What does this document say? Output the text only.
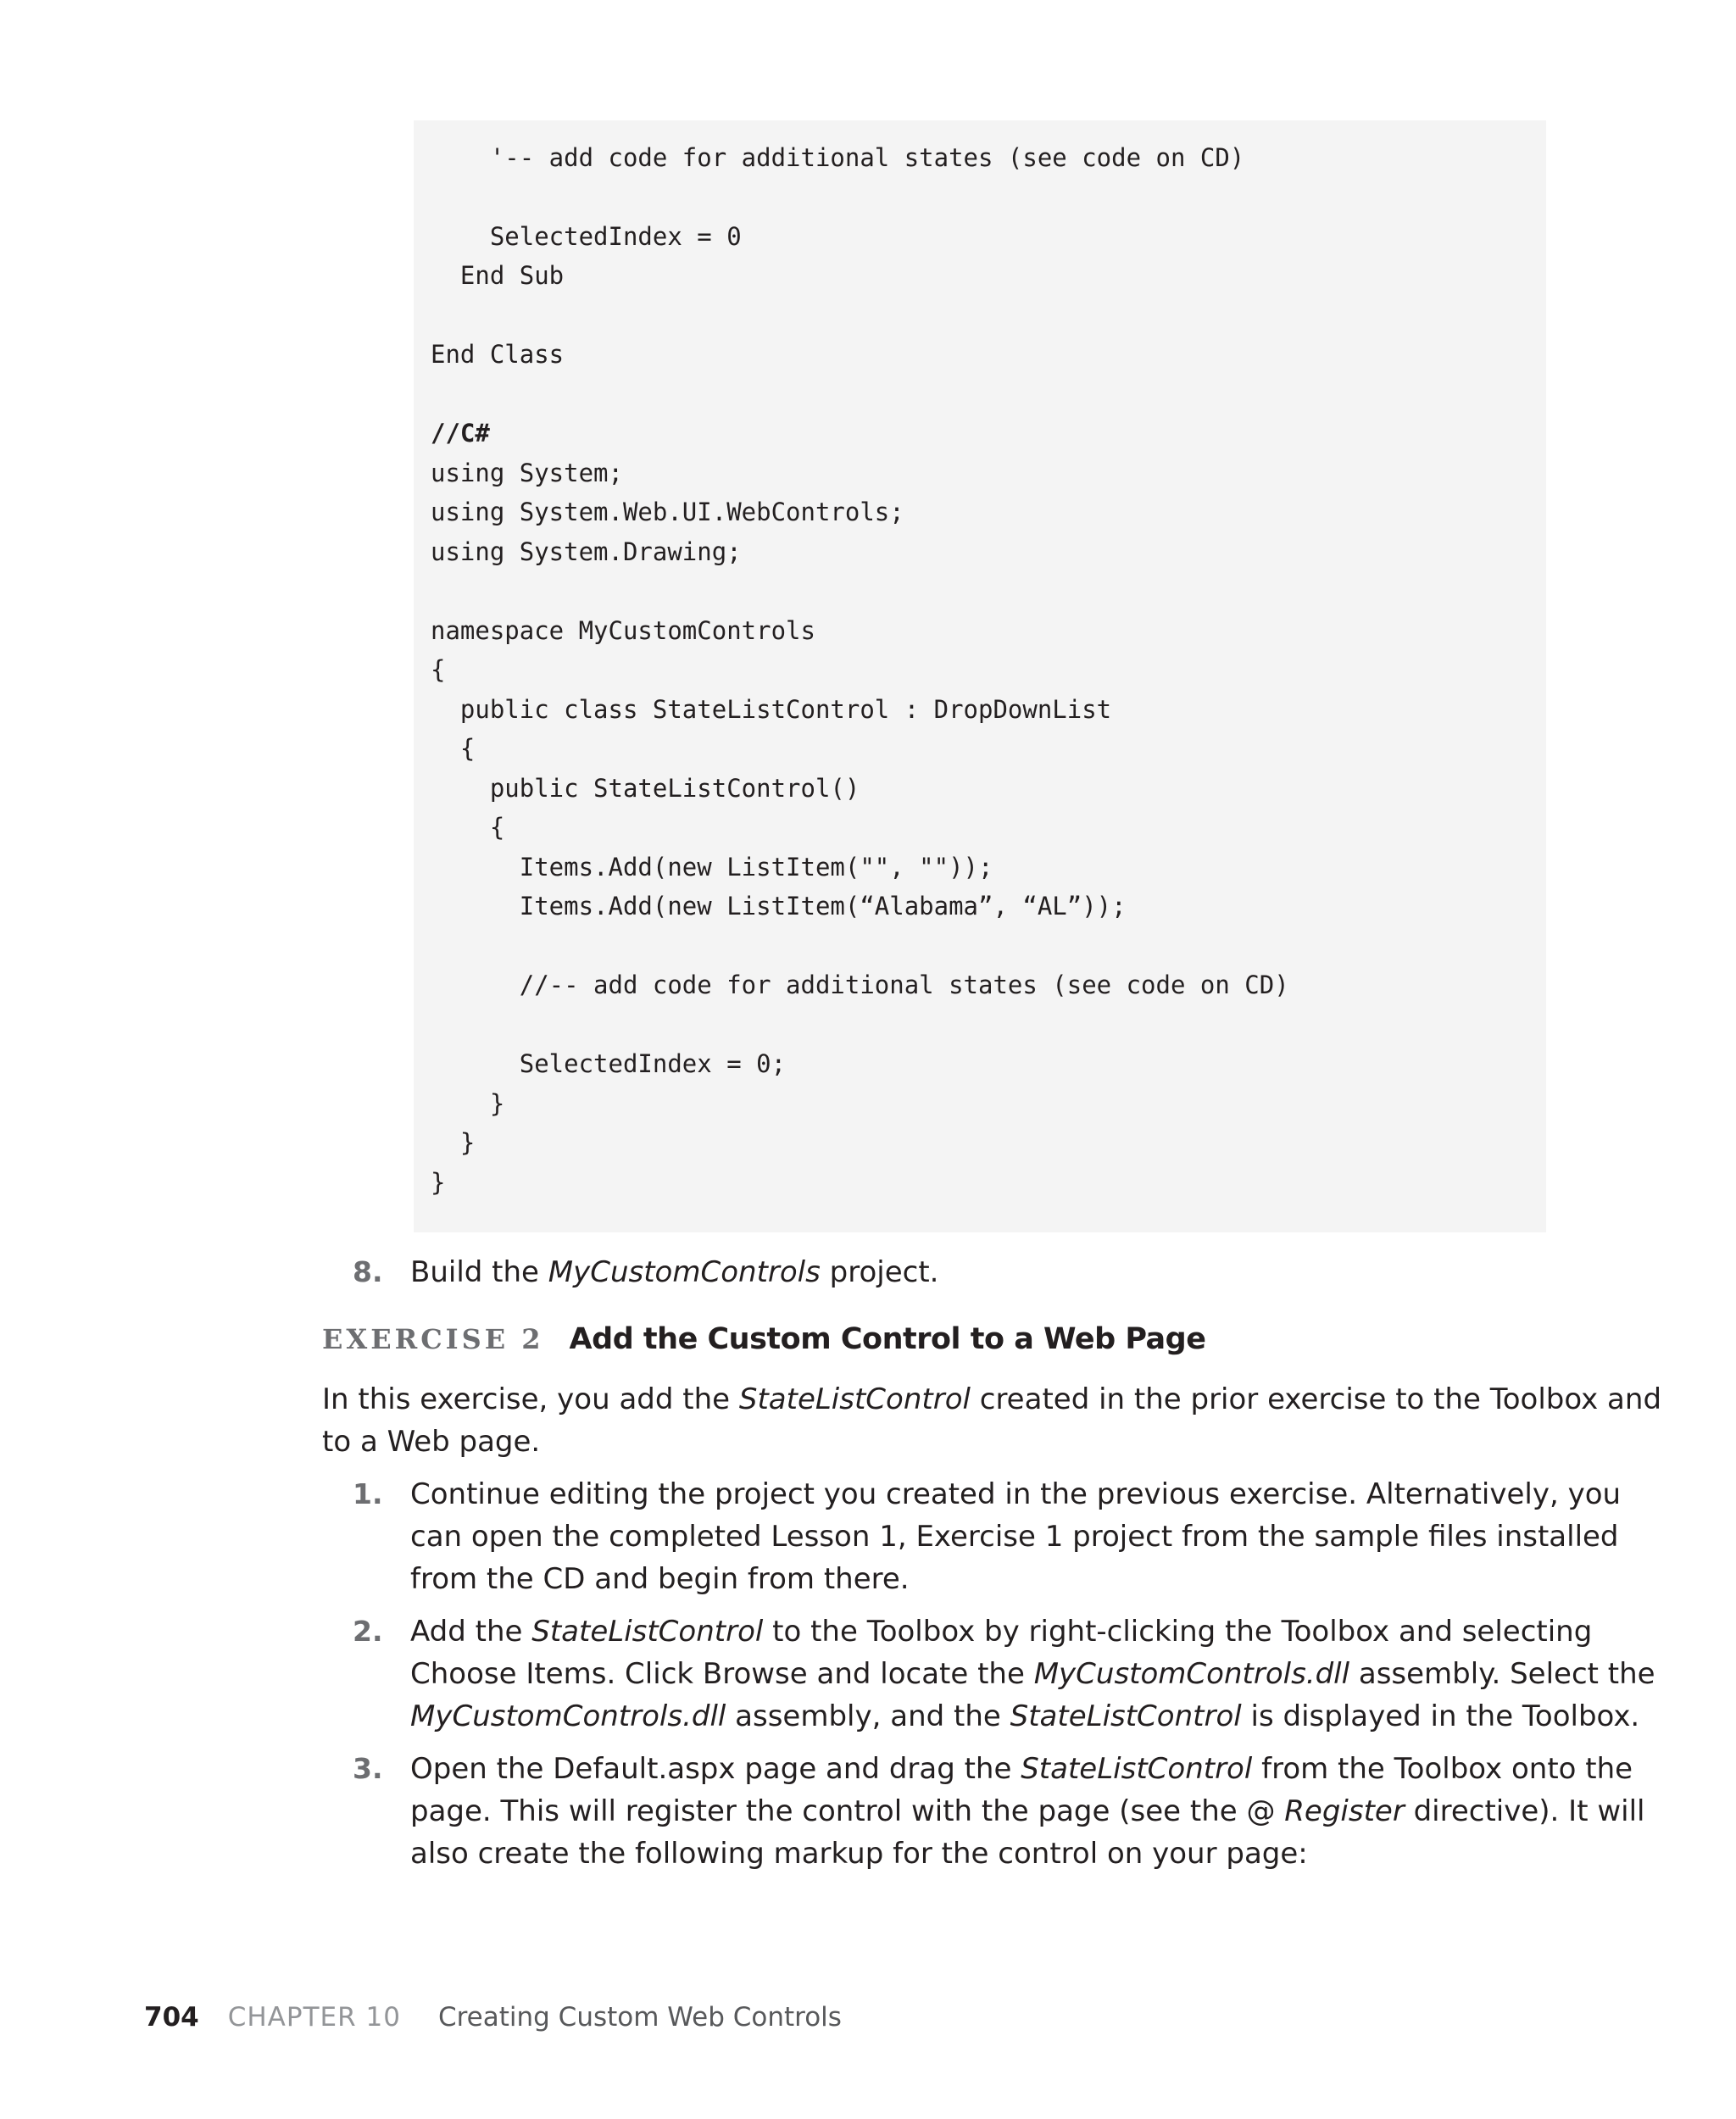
'-- add code for additional states (see code on CD)
SelectedIndex = 0
End Sub
End Class
//C#
using System;
using System.Web.UI.WebControls;
using System.Drawing;
namespace MyCustomControls
{
public class StateListControl : DropDownList
{
public StateListControl()
{
Items.Add(new ListItem("", ""));
Items.Add(new ListItem(“Alabama”, “AL”));
//-- add code for additional states (see code on CD)
SelectedIndex = 0;
}
}
}
8. Build the MyCustomControls project.
EXERCISE 2 Add the Custom Control to a Web Page
In this exercise, you add the StateListControl created in the prior exercise to the Toolbox and
to a Web page.
1. Continue editing the project you created in the previous exercise. Alternatively, you
can open the completed Lesson 1, Exercise 1 project from the sample files installed
from the CD and begin from there.
2. Add the StateListControl to the Toolbox by right-clicking the Toolbox and selecting
Choose Items. Click Browse and locate the MyCustomControls.dll assembly. Select the
MyCustomControls.dll assembly, and the StateListControl is displayed in the Toolbox.
3. Open the Default.aspx page and drag the StateListControl from the Toolbox onto the
page. This will register the control with the page (see the @ Register directive). It will
also create the following markup for the control on your page:
704 CHAPTER 10 Creating Custom Web Controls
